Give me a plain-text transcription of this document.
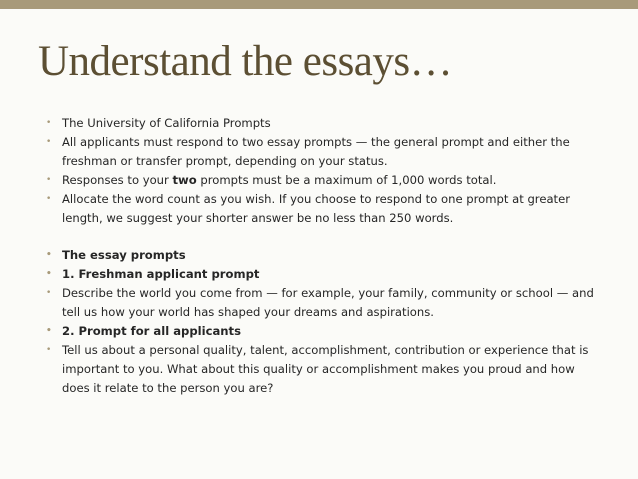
Understand the essays…
• The University of California Prompts
• All applicants must respond to two essay prompts — the general prompt and either the freshman or transfer prompt, depending on your status.
• Responses to your two prompts must be a maximum of 1,000 words total.
• Allocate the word count as you wish. If you choose to respond to one prompt at greater length, we suggest your shorter answer be no less than 250 words.
• The essay prompts
• 1. Freshman applicant prompt
• Describe the world you come from — for example, your family, community or school — and tell us how your world has shaped your dreams and aspirations.
• 2. Prompt for all applicants
• Tell us about a personal quality, talent, accomplishment, contribution or experience that is important to you. What about this quality or accomplishment makes you proud and how does it relate to the person you are?
